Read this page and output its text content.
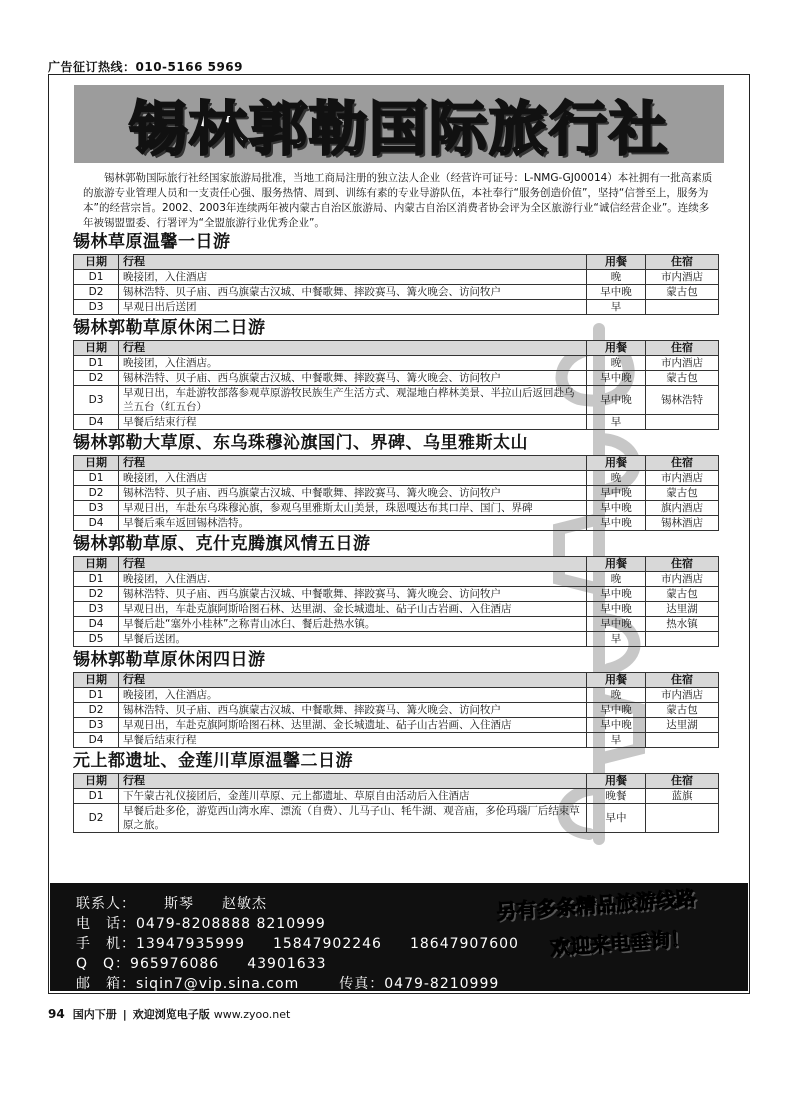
广告征订热线：010-5166 5969
锡林郭勒国际旅行社
锡林郭勒国际旅行社经国家旅游局批准，当地工商局注册的独立法人企业（经营许可证号：L-NMG-GJ00014）本社拥有一批高素质的旅游专业管理人员和一支责任心强、服务热情、周到、训练有素的专业导游队伍，本社奉行“服务创造价值”，坚持“信誉至上，服务为本”的经营宗旨。2002、2003年连续两年被内蒙古自治区旅游局、内蒙古自治区消费者协会评为全区旅游行业“诚信经营企业”。连续多年被锡盟盟委、行署评为“全盟旅游行业优秀企业”。
锡林草原温馨一日游
日期	行程	用餐	住宿
D1	晚接团，入住酒店	晚	市内酒店
D2	锡林浩特、贝子庙、西乌旗蒙古汉城、中餐歌舞、摔跤赛马、篝火晚会、访问牧户	早中晚	蒙古包
D3	早观日出后送团	早	
锡林郭勒草原休闲二日游
日期	行程	用餐	住宿
D1	晚接团，入住酒店。	晚	市内酒店
D2	锡林浩特、贝子庙、西乌旗蒙古汉城、中餐歌舞、摔跤赛马、篝火晚会、访问牧户	早中晚	蒙古包
D3	早观日出，车赴游牧部落参观草原游牧民族生产生活方式、观湿地白桦林美景、半拉山后返回赴乌兰五台（红五台）	早中晚	锡林浩特
D4	早餐后结束行程	早	
锡林郭勒大草原、东乌珠穆沁旗国门、界碑、乌里雅斯太山
日期	行程	用餐	住宿
D1	晚接团，入住酒店	晚	市内酒店
D2	锡林浩特、贝子庙、西乌旗蒙古汉城、中餐歌舞、摔跤赛马、篝火晚会、访问牧户	早中晚	蒙古包
D3	早观日出，车赴东乌珠穆沁旗，参观乌里雅斯太山美景，珠恩嘎达布其口岸、国门、界碑	早中晚	旗内酒店
D4	早餐后乘车返回锡林浩特。	早中晚	锡林酒店
锡林郭勒草原、克什克腾旗风情五日游
日期	行程	用餐	住宿
D1	晚接团，入住酒店.	晚	市内酒店
D2	锡林浩特、贝子庙、西乌旗蒙古汉城、中餐歌舞、摔跤赛马、篝火晚会、访问牧户	早中晚	蒙古包
D3	早观日出，车赴克旗阿斯哈图石林、达里湖、金长城遗址、砧子山古岩画、入住酒店	早中晚	达里湖
D4	早餐后赴“塞外小桂林”之称青山冰臼、餐后赴热水镇。	早中晚	热水镇
D5	早餐后送团。	早	
锡林郭勒草原休闲四日游
日期	行程	用餐	住宿
D1	晚接团，入住酒店。	晚	市内酒店
D2	锡林浩特、贝子庙、西乌旗蒙古汉城、中餐歌舞、摔跤赛马、篝火晚会、访问牧户	早中晚	蒙古包
D3	早观日出，车赴克旗阿斯哈图石林、达里湖、金长城遗址、砧子山古岩画、入住酒店	早中晚	达里湖
D4	早餐后结束行程	早	
元上都遗址、金莲川草原温馨二日游
日期	行程	用餐	住宿
D1	下午蒙古礼仪接团后，金莲川草原、元上都遗址、草原自由活动后入住酒店	晚餐	蓝旗
D2	早餐后赴多伦，游览西山湾水库、漂流（自费）、儿马子山、牦牛湖、观音庙，多伦玛瑙厂后结束草原之旅。	早中	
联系人： 斯琴 赵敏杰
电　话：0479-8208888 8210999
手　机：13947935999 15847902246 18647907600
Q　Q：965976086 43901633
邮　箱：siqin7@vip.sina.com	传真：0479-8210999
另有多条精品旅游线路
欢迎来电垂询！
94 国内下册 | 欢迎浏览电子版 www.zyoo.net
